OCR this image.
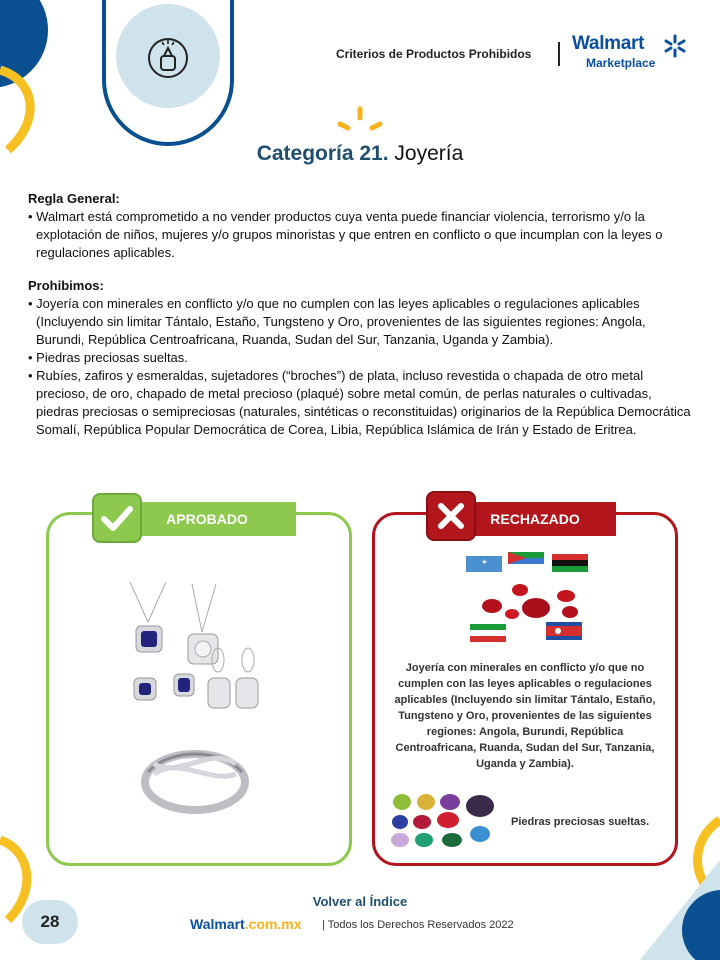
Criterios de Productos Prohibidos Walmart
Marketplace
Categoría 21. Joyería

Regla General:

• Walmart está comprometido a no vender productos cuya venta puede financiar violencia, terrorismo y/o la explotación de niños, mujeres y/o grupos minoristas y que entren en conflicto o que incumplan con la leyes o regulaciones aplicables.

Prohibimos:

• Joyería con minerales en conflicto y/o que no cumplen con las leyes aplicables o regulaciones aplicables (Incluyendo sin limitar Tántalo, Estaño, Tungsteno y Oro, provenientes de las siguientes regiones: Angola, Burundi, República Centroafricana, Ruanda, Sudan del Sur, Tanzania, Uganda y Zambia).

• Piedras preciosas sueltas.

• Rubíes, zafiros y esmeraldas, sujetadores (“broches”) de plata, incluso revestida o chapada de otro metal precioso, de oro, chapado de metal precioso (plaqué) sobre metal común, de perlas naturales o cultivadas, piedras preciosas o semipreciosas (naturales, sintéticas o reconstituidas) originarios de la República Democrática Somalí, República Popular Democrática de Corea, Libia, República Islámica de Irán y Estado de Eritrea.

APROBADO	RECHAZADO
Joyería con minerales en conflicto y/o que no cumplen con las leyes aplicables o regulaciones aplicables (Incluyendo sin limitar Tántalo, Estaño, Tungsteno y Oro, provenientes de las siguientes regiones: Angola, Burundi, República Centroafricana, Ruanda, Sudan del Sur, Tanzania, Uganda y Zambia).
Piedras preciosas sueltas.
Volver al Índice
Walmart.com.mx | Todos los Derechos Reservados 2022
28
